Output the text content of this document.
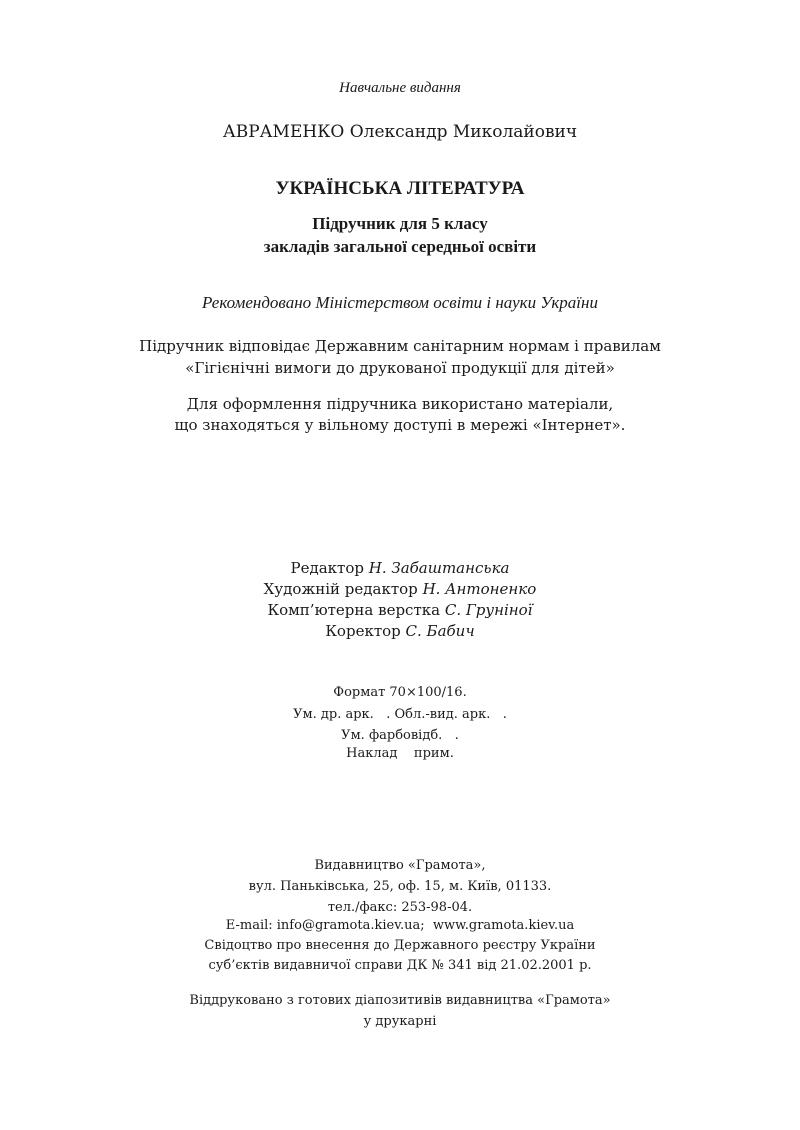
Навчальне видання
АВРАМЕНКО Олександр Миколайович
УКРАЇНСЬКА ЛІТЕРАТУРА
Підручник для 5 класу
закладів загальної середньої освіти
Рекомендовано Міністерством освіти і науки України
Підручник відповідає Державним санітарним нормам і правилам
«Гігієнічні вимоги до друкованої продукції для дітей»
Для оформлення підручника використано матеріали,
що знаходяться у вільному доступі в мережі «Інтернет».
Редактор Н. Забаштанська
Художній редактор Н. Антоненко
Комп’ютерна верстка С. Груніної
Коректор С. Бабич
Формат 70×100/16.
Ум. др. арк.   . Обл.-вид. арк.   .
Ум. фарбовідб.   .
Наклад    прим.
Видавництво «Грамота»,
вул. Паньківська, 25, оф. 15, м. Київ, 01133.
тел./факс: 253-98-04.
E-mail: info@gramota.kiev.ua;  www.gramota.kiev.ua
Свідоцтво про внесення до Державного реєстру України
суб’єктів видавничої справи ДК № 341 від 21.02.2001 р.
Віддруковано з готових діапозитивів видавництва «Грамота»
у друкарні
